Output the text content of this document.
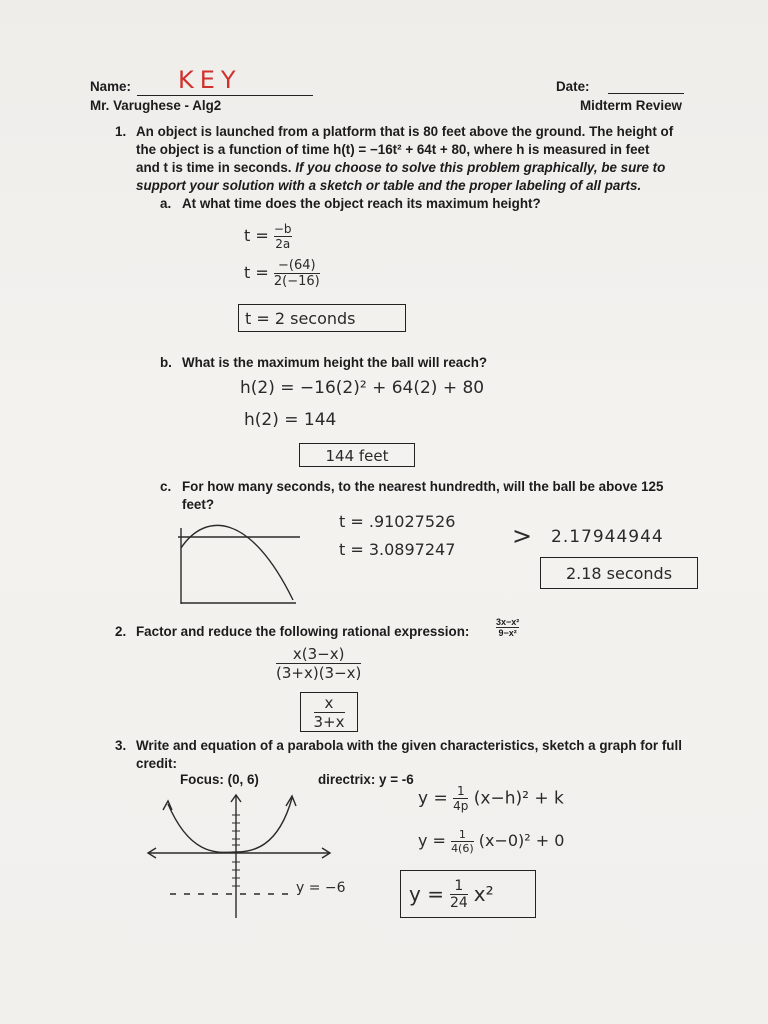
Name: KEY	Date:
Mr. Varughese - Alg2	Midterm Review
1. An object is launched from a platform that is 80 feet above the ground. The height of
the object is a function of time h(t) = −16t² + 64t + 80, where h is measured in feet
and t is time in seconds. If you choose to solve this problem graphically, be sure to
support your solution with a sketch or table and the proper labeling of all parts.
a. At what time does the object reach its maximum height?
$t = \frac{-b}{2a}$
$t = \frac{-(64)}{2(-16)}$
t = 2 seconds
b. What is the maximum height the ball will reach?
h(2) = −16(2)² + 64(2) + 80
h(2) = 144
144 feet
c. For how many seconds, to the nearest hundredth, will the ball be above 125
feet?
t = .91027526
t = 3.0897247 > 2.17944944
2.18 seconds
2. Factor and reduce the following rational expression:	$\frac{\text{3x−x²}}{\text{9−x²}}$
$\frac{x(3-x)}{(3+x)(3-x)}$
$\frac{x}{3+x}$
3. Write and equation of a parabola with the given characteristics, sketch a graph for full
credit:
Focus: (0, 6)	directrix: y = -6
y = −6
$y = \frac{1}{4p} (x-h)^2 + k$
$y = \frac{1}{4(6)} (x-0)^2 + 0$
$y = \frac{1}{24} x^2$
